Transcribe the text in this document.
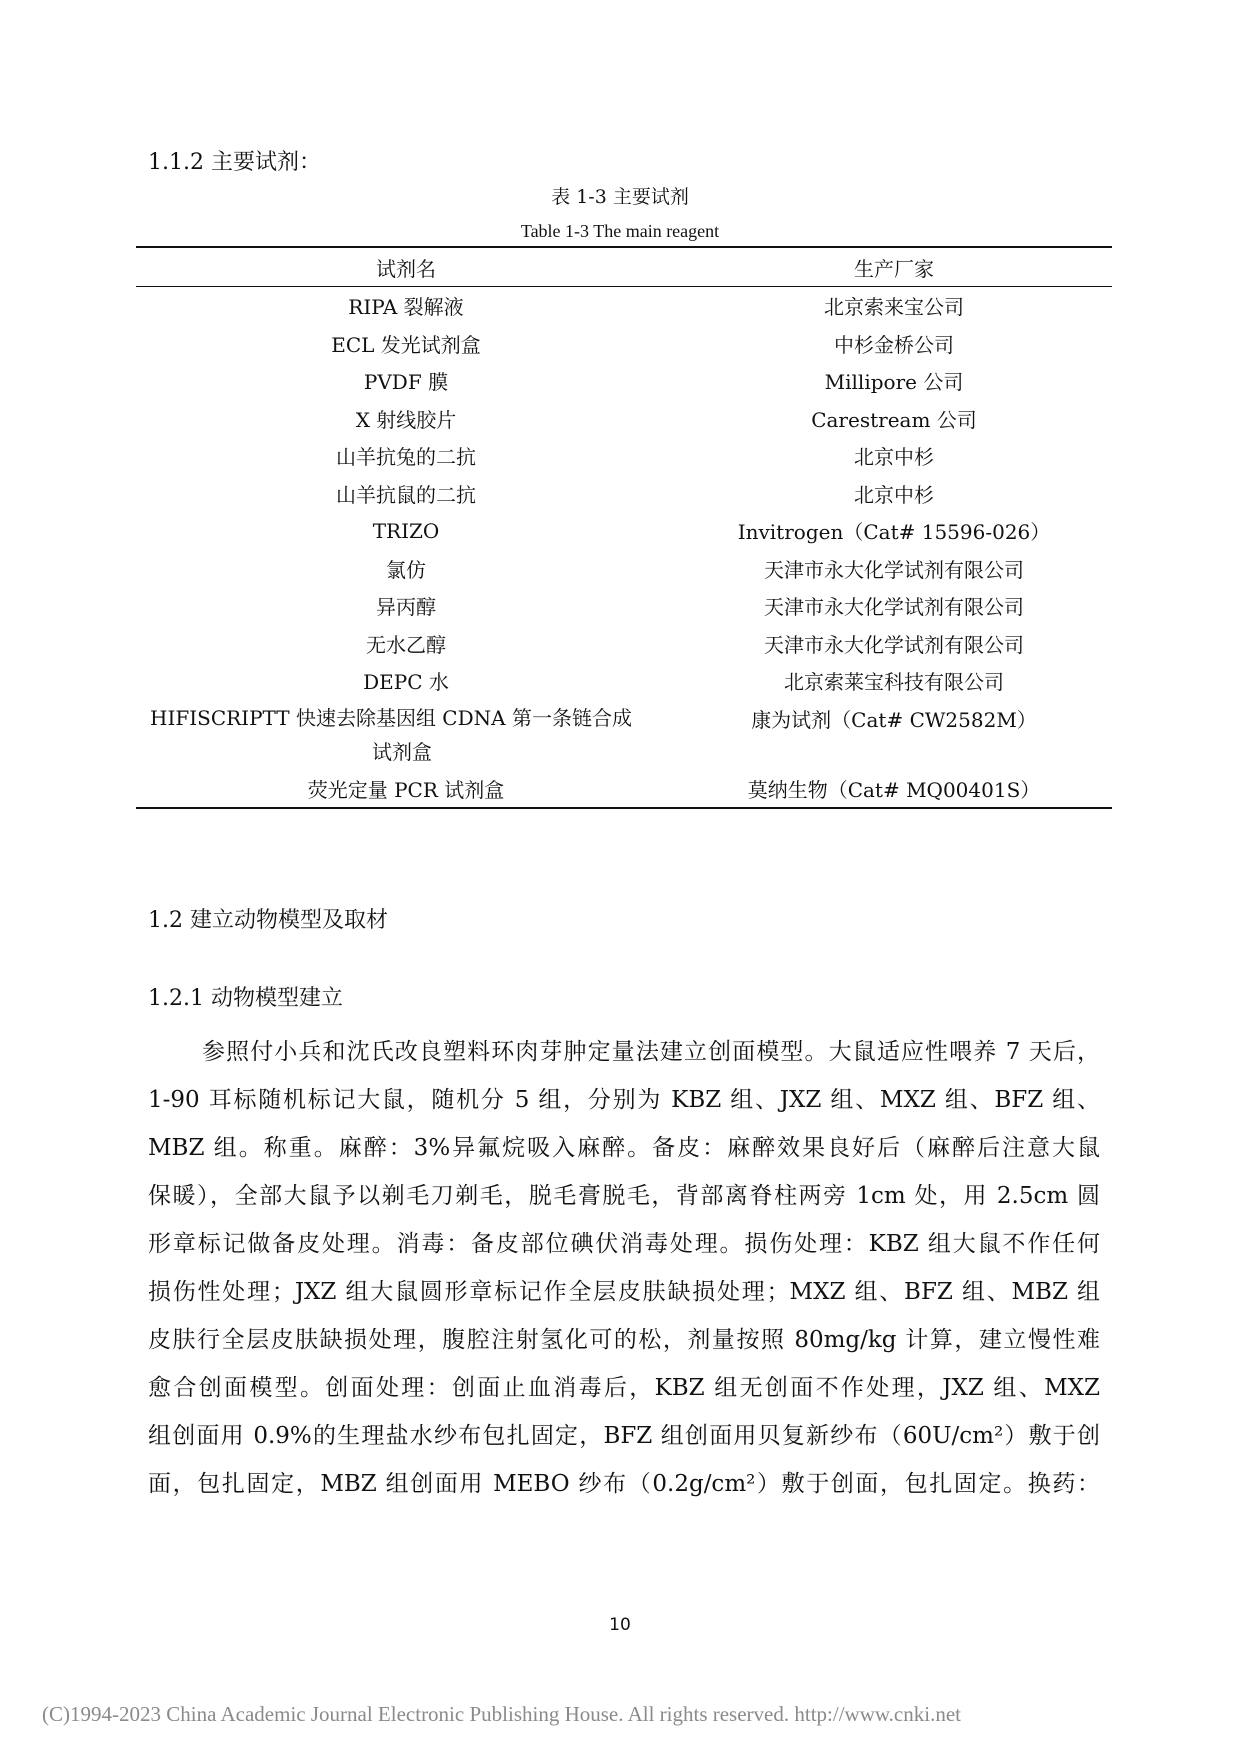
1.1.2 主要试剂：
表 1-3 主要试剂
Table 1-3 The main reagent
试剂名	生产厂家
RIPA 裂解液	北京索来宝公司
ECL 发光试剂盒	中杉金桥公司
PVDF 膜	Millipore 公司
X 射线胶片	Carestream 公司
山羊抗兔的二抗	北京中杉
山羊抗鼠的二抗	北京中杉
TRIZO	Invitrogen（Cat# 15596-026）
氯仿	天津市永大化学试剂有限公司
异丙醇	天津市永大化学试剂有限公司
无水乙醇	天津市永大化学试剂有限公司
DEPC 水	北京索莱宝科技有限公司

HIFISCRIPTT 快速去除基因组 CDNA 第一条链合成
试剂盒	康为试剂（Cat# CW2582M）
荧光定量 PCR 试剂盒	莫纳生物（Cat# MQ00401S）
1.2 建立动物模型及取材
1.2.1 动物模型建立
参照付小兵和沈氏改良塑料环肉芽肿定量法建立创面模型。大鼠适应性喂养 7 天后，
1-90 耳标随机标记大鼠，随机分 5 组，分别为 KBZ 组、JXZ 组、MXZ 组、BFZ 组、
MBZ 组。称重。麻醉：3%异氟烷吸入麻醉。备皮：麻醉效果良好后（麻醉后注意大鼠
保暖），全部大鼠予以剃毛刀剃毛，脱毛膏脱毛，背部离脊柱两旁 1cm 处，用 2.5cm 圆
形章标记做备皮处理。消毒：备皮部位碘伏消毒处理。损伤处理：KBZ 组大鼠不作任何
损伤性处理；JXZ 组大鼠圆形章标记作全层皮肤缺损处理；MXZ 组、BFZ 组、MBZ 组
皮肤行全层皮肤缺损处理，腹腔注射氢化可的松，剂量按照 80mg/kg 计算，建立慢性难
愈合创面模型。创面处理：创面止血消毒后，KBZ 组无创面不作处理，JXZ 组、MXZ
组创面用 0.9%的生理盐水纱布包扎固定，BFZ 组创面用贝复新纱布（60U/cm²）敷于创
面，包扎固定，MBZ 组创面用 MEBO 纱布（0.2g/cm²）敷于创面，包扎固定。换药：
10
(C)1994-2023 China Academic Journal Electronic Publishing House. All rights reserved. http://www.cnki.net
